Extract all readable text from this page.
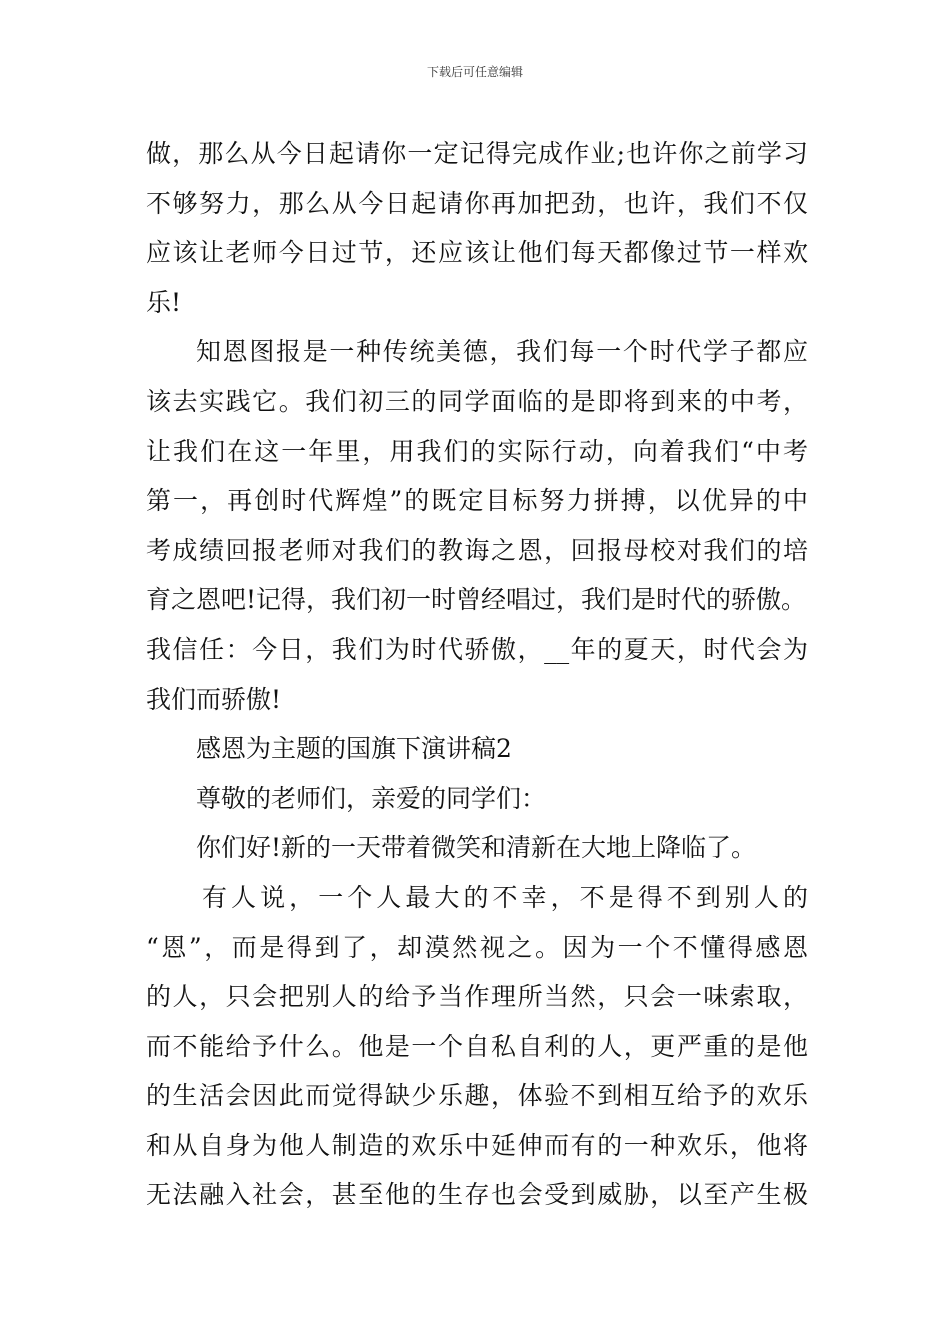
下载后可任意编辑
做，那么从今日起请你一定记得完成作业;也许你之前学习
不够努力，那么从今日起请你再加把劲，也许，我们不仅
应该让老师今日过节，还应该让他们每天都像过节一样欢
乐!
知恩图报是一种传统美德，我们每一个时代学子都应
该去实践它。我们初三的同学面临的是即将到来的中考，
让我们在这一年里，用我们的实际行动，向着我们“中考
第一，再创时代辉煌”的既定目标努力拼搏，以优异的中
考成绩回报老师对我们的教诲之恩，回报母校对我们的培
育之恩吧!记得，我们初一时曾经唱过，我们是时代的骄傲。
我信任：今日，我们为时代骄傲，__年的夏天，时代会为
我们而骄傲!
感恩为主题的国旗下演讲稿2
尊敬的老师们，亲爱的同学们：
你们好!新的一天带着微笑和清新在大地上降临了。
有人说，一个人最大的不幸，不是得不到别人的
“恩”，而是得到了，却漠然视之。因为一个不懂得感恩
的人，只会把别人的给予当作理所当然，只会一味索取，
而不能给予什么。他是一个自私自利的人，更严重的是他
的生活会因此而觉得缺少乐趣，体验不到相互给予的欢乐
和从自身为他人制造的欢乐中延伸而有的一种欢乐，他将
无法融入社会，甚至他的生存也会受到威胁，以至产生极
